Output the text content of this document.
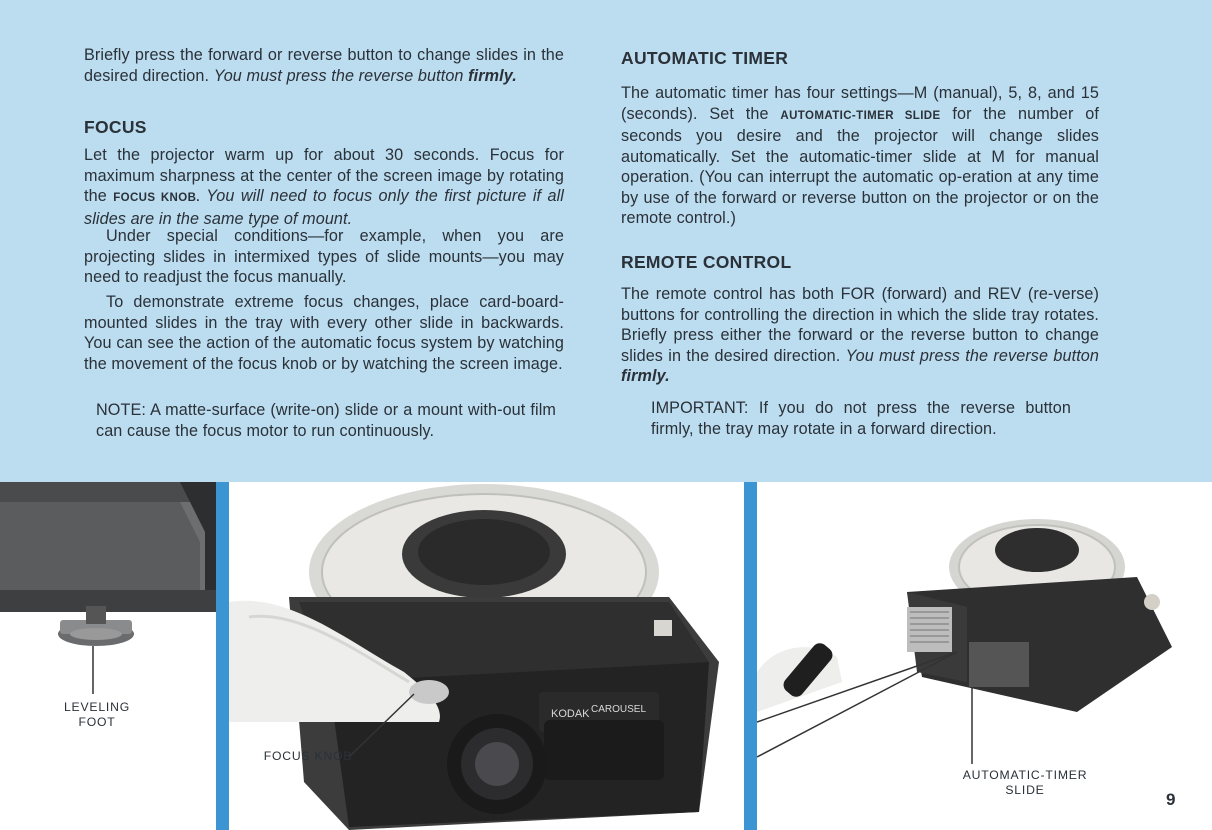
Briefly press the forward or reverse button to change slides in the desired direction. You must press the reverse button firmly.

FOCUS

Let the projector warm up for about 30 seconds. Focus for maximum sharpness at the center of the screen image by rotating the FOCUS KNOB. You will need to focus only the first picture if all slides are in the same type of mount.

Under special conditions—for example, when you are projecting slides in intermixed types of slide mounts—you may need to readjust the focus manually.

To demonstrate extreme focus changes, place card-board-mounted slides in the tray with every other slide in backwards. You can see the action of the automatic focus system by watching the movement of the focus knob or by watching the screen image.

NOTE: A matte-surface (write-on) slide or a mount with-out film can cause the focus motor to run continuously.

AUTOMATIC TIMER

The automatic timer has four settings—M (manual), 5, 8, and 15 (seconds). Set the AUTOMATIC-TIMER SLIDE for the number of seconds you desire and the projector will change slides automatically. Set the automatic-timer slide at M for manual operation. (You can interrupt the automatic op-eration at any time by use of the forward or reverse button on the projector or on the remote control.)

REMOTE CONTROL

The remote control has both FOR (forward) and REV (re-verse) buttons for controlling the direction in which the slide tray rotates. Briefly press either the forward or the reverse button to change slides in the desired direction. You must press the reverse button firmly.

IMPORTANT: If you do not press the reverse button firmly, the tray may rotate in a forward direction.

LEVELING FOOT
KODAK CAROUSEL
FOCUS KNOB
AUTOMATIC-TIMER SLIDE	9
